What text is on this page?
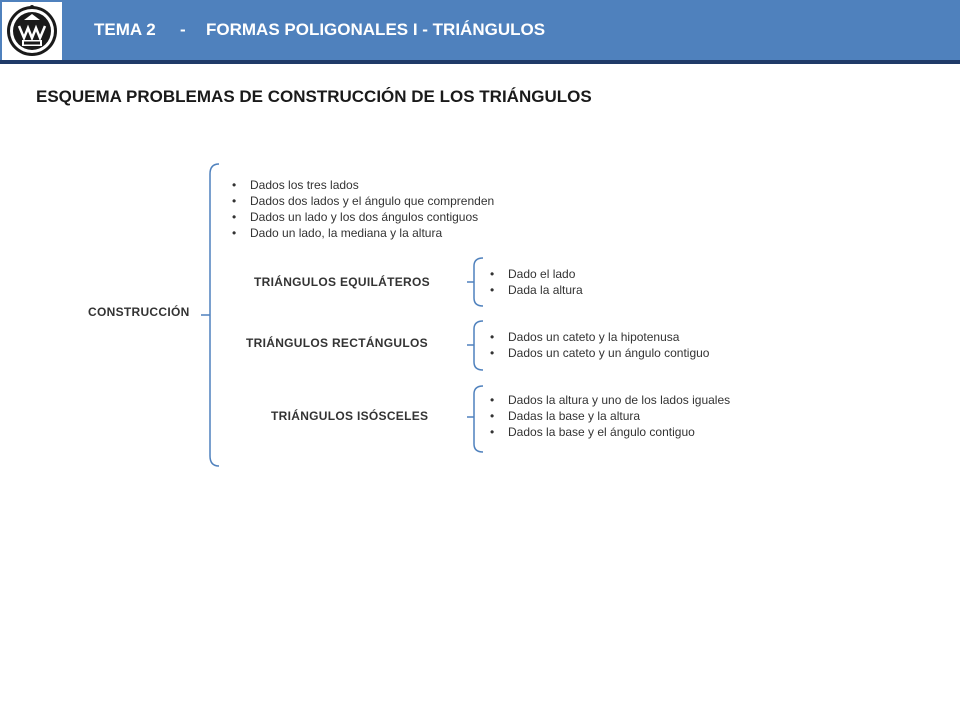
TEMA 2 - FORMAS POLIGONALES I - TRIÁNGULOS
ESQUEMA PROBLEMAS DE CONSTRUCCIÓN DE LOS TRIÁNGULOS
CONSTRUCCIÓN
• Dados los tres lados
• Dados dos lados y el ángulo que comprenden
• Dados un lado y los dos ángulos contiguos
• Dado un lado, la mediana y la altura
TRIÁNGULOS EQUILÁTEROS
• Dado el lado
• Dada la altura
TRIÁNGULOS RECTÁNGULOS
•	Dados un cateto y la hipotenusa
• Dados un cateto y un ángulo contiguo
TRIÁNGULOS ISÓSCELES
• Dados la altura y uno de los lados iguales
• Dadas la base y la altura
• Dados la base y el ángulo contiguo
